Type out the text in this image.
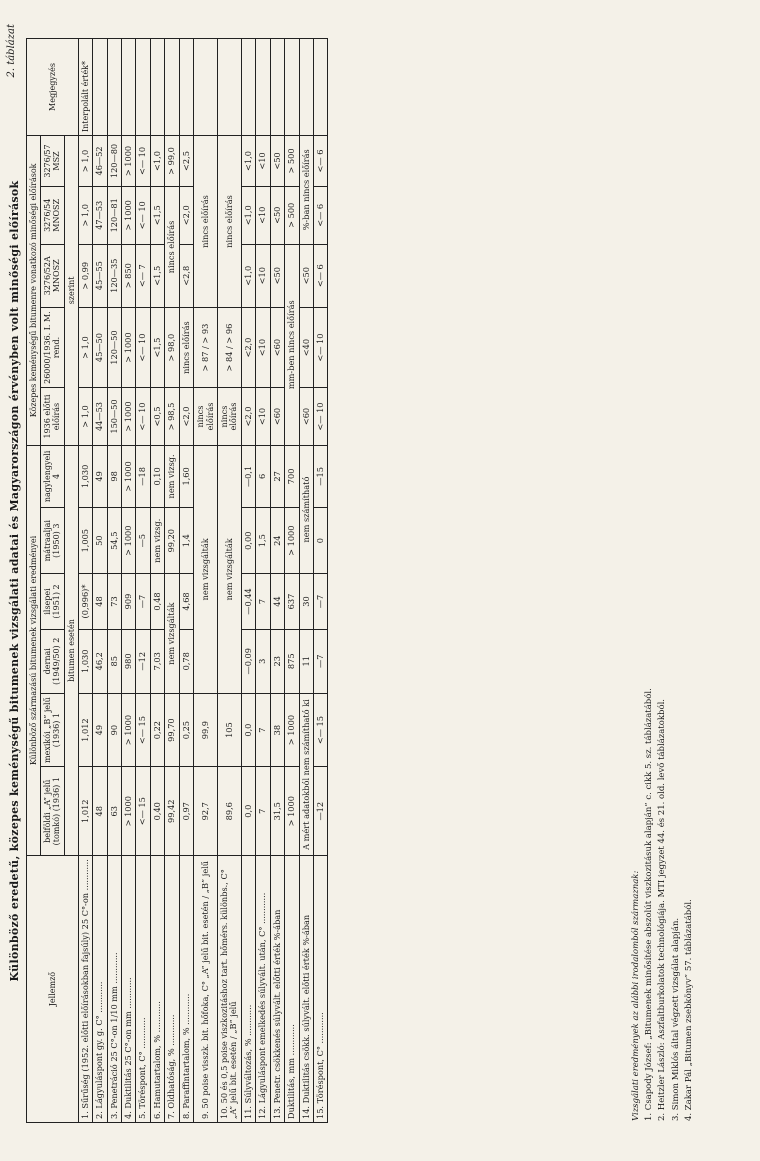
2. táblázat
Különböző eredetű, közepes keménységű bitumenek vizsgálati adatai és Magyarországon érvényben volt minőségi előírások
Jellemző	Különböző származású bitumenek vizsgálati eredményei						Közepes keménységű bitumenre vonatkozó minőségi előírások					Megjegyzés
	belföldi „A” jelű (tomkó) (1936) 1	mexikói „B” jelű (1936) 1	dernai (1949/50) 2	ilsepei (1951) 2	mátraaljai (1950) 3	nagylengyeli 4	1936 előtti előírás	26000/1936. I. M. rend.	3276/52A MNOSZ	3276/54 MNOSZ	3276/57 MSZ	
	bitumen esetén						szerint					
1. Sűrűség (1952. előtti előírásokban fajsúly) 25 C°-on ............	1,012	1,012	1,030	(0,996)*	1,005	1,030	> 1,0	> 1,0	> 0,99	> 1,0	> 1,0	Interpolált érték*
2. Lágyuláspont gy. g. C° ............	48	49	46,2	48	50	49	44—53	45—50	45—55	47—53	46—52	
3. Penetráció 25 C°-on 1/10 mm ............	63	90	85	73	54,5	98	150—50	120—50	120—35	120—81	120—80	
4. Duktilitás 25 C°-on mm ............	> 1000	> 1000	980	909	> 1000	> 1000	> 1000	> 1000	> 850	> 1000	> 1000	
5. Töréspont, C° ............	<— 15	<— 15	—12	—7	—5	—18	<— 10	<— 10	<— 7	<— 10	<— 10	
6. Hamutartalom, % ............	0,40	0,22	7,03	0,48	nem vizsg.	0,10	<0,5	<1,5	<1,5	<1,5	<1,0	
7. Oldhatóság, % ............	99,42	99,70	nem vizsgálták		99,20	nem vizsg.	> 98,5	> 98,0	nincs előírás		> 99,0	
8. Paraffintartalom, % ............	0,97	0,25	0,78	4,68	1,4	1,60	<2,0	nincs előírás	<2,8	<2,0	<2,5	
9. 50 poise visszk. bit. hőfoka, C° „A” jelű bit. esetén / „B” jelű	92,7	99,9	nem vizsgálták				nincs előírás	> 87 / > 93	nincs előírás			
10. 50 és 0,5 poise viszkozitáshoz tart. hőmérs. különbs., C° „A” jelű bit. esetén / „B” jelű	89,6	105	nem vizsgálták				nincs előírás	> 84 / > 96	nincs előírás			
11. Súlyváltozás, % ............	0,0	0,0	—0,09	—0,44	0,00	—0,1	<2,0	<2,0	<1,0	<1,0	<1,0	
12. Lágyuláspont emelkedés súlyvált. után, C° ............	7	7	3	7	1,5	6	<10	<10	<10	<10	<10	
13. Penetr. csökkenés súlyvált. előtti érték %-ában	31,5	38	23	44	24	27	<60	<60	<50	<50	<50	
Duktilitás, mm ............	> 1000	> 1000	875	637	> 1000	700	mm-ben nincs előírás			> 500	> 500	
14. Duktilitás csökk. súlyvált. előtti érték %-ában	A mért adatokból nem számítható ki		11	30	nem számítható		<60	<40	<50	%-ban nincs előírás		
15. Töréspont, C° ............	—12	<— 15	—7	—7	0	—15	<— 10	<— 10	<— 6	<— 6	<— 6	
Vizsgálati eredmények az alábbi irodalomból származnak: 1. Csapody József: „Bitumenek minősítése abszolút viszkozitásuk alapján” c. cikk 5. sz. táblázatából. 2. Heitzler László: Aszfaltburkolatok technológiája. MTI jegyzet 44. és 21. old. levő táblázatokból. 3. Simon Miklós által végzett vizsgálat alapján. 4. Zakar Pál „Bitumen zsebkönyv” 57. táblázatából.
